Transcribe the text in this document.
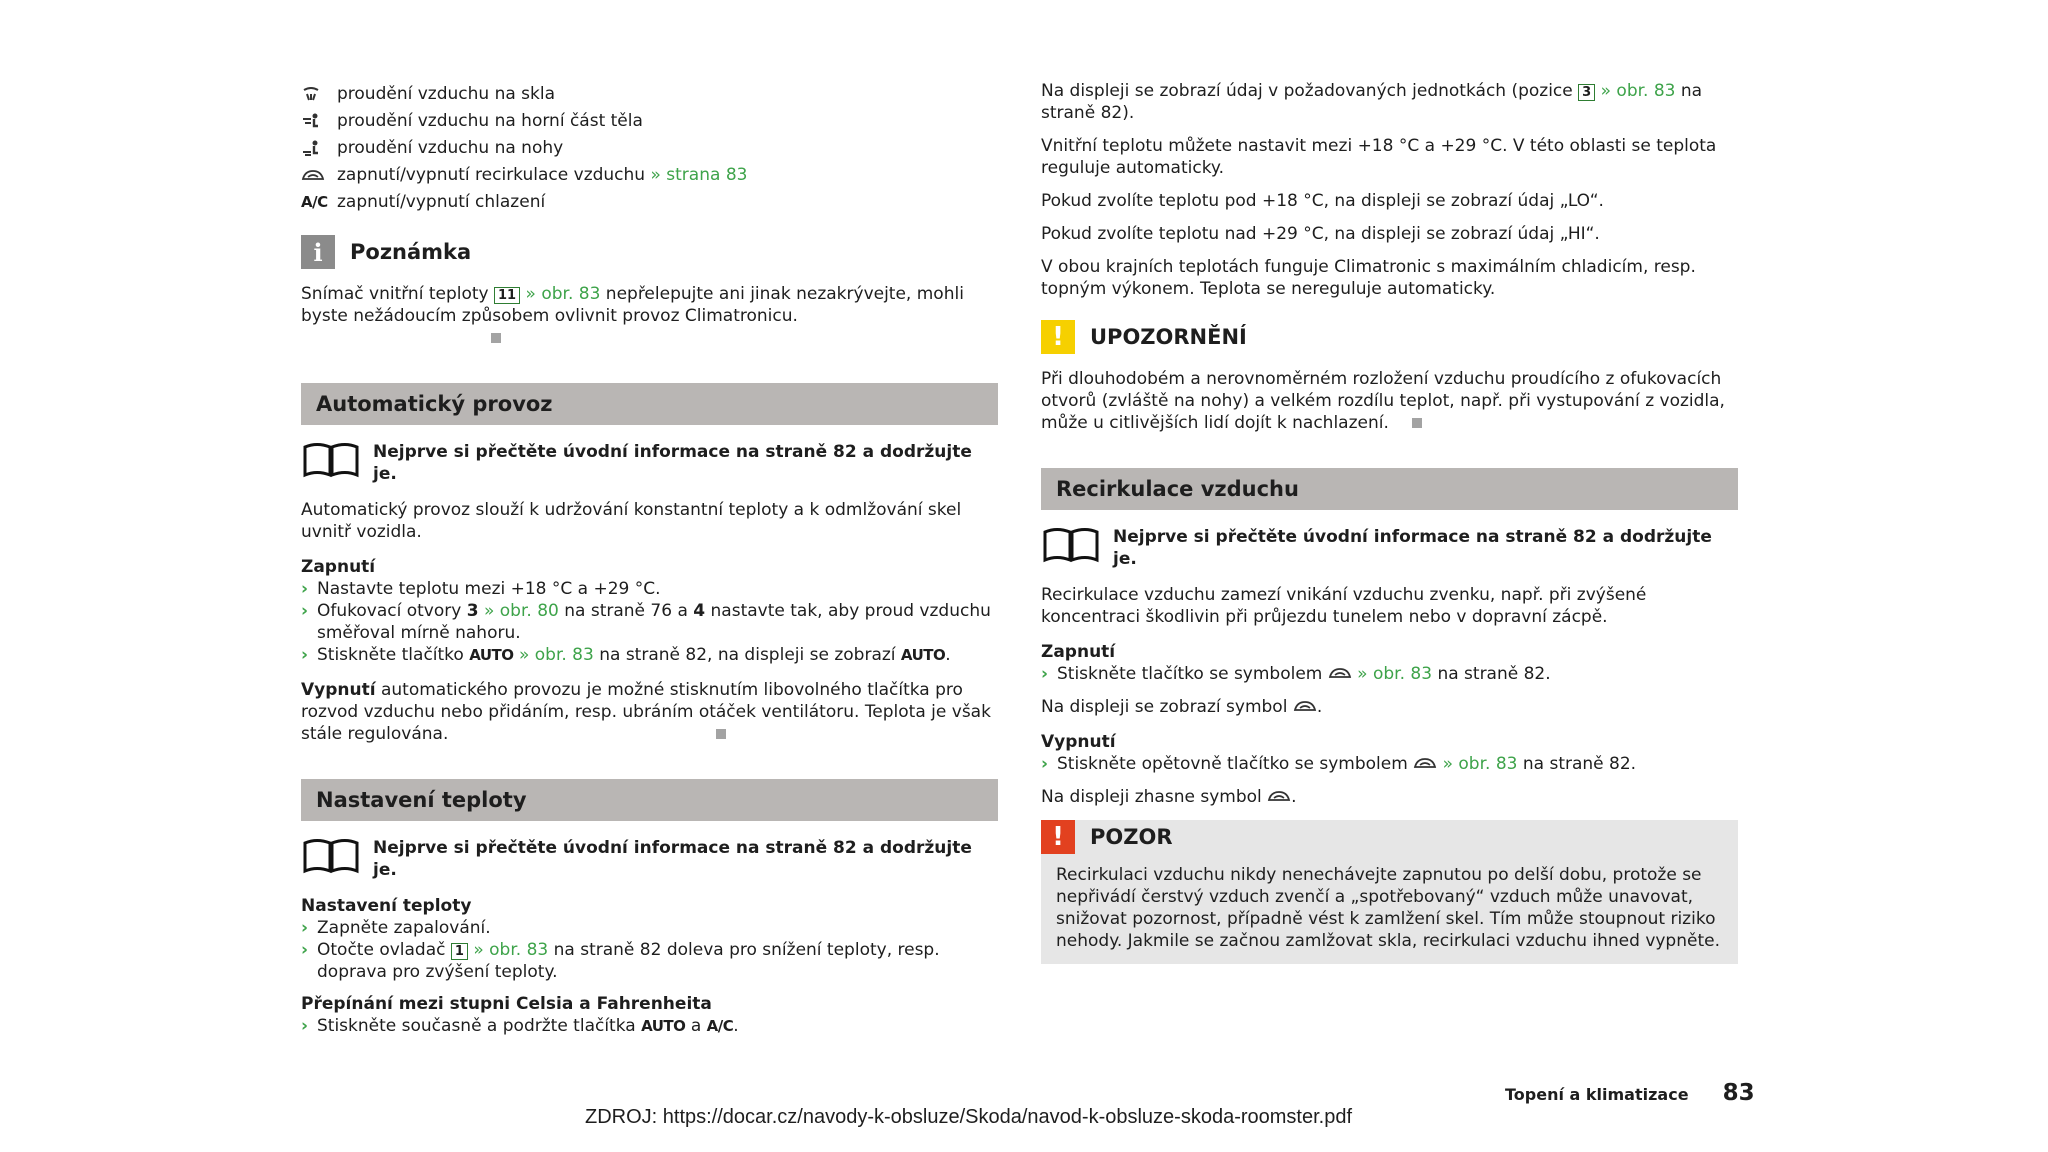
proudění vzduchu na skla
proudění vzduchu na horní část těla
proudění vzduchu na nohy
zapnutí/vypnutí recirkulace vzduchu
» strana 83
A/C zapnutí/vypnutí chlazení
i	Poznámka

Snímač vnitřní teploty 11 » obr. 83 nepřelepujte ani jinak nezakrývejte, mohli byste nežádoucím způsobem ovlivnit provoz Climatronicu.

Automatický provoz
Nejprve si přečtěte úvodní informace na straně 82 a dodržujte je.

Automatický provoz slouží k udržování konstantní teploty a k odmlžování skel uvnitř vozidla.

Zapnutí

› Nastavte teplotu mezi +18 °C a +29 °C.
› Ofukovací otvory 3 » obr. 80 na straně 76 a 4 nastavte tak, aby proud vzduchu směřoval mírně nahoru.
› Stiskněte tlačítko AUTO » obr. 83 na straně 82, na displeji se zobrazí AUTO.

Vypnutí automatického provozu je možné stisknutím libovolného tlačítka pro rozvod vzduchu nebo přidáním, resp. ubráním otáček ventilátoru. Teplota je však stále regulována.

Nastavení teploty
Nejprve si přečtěte úvodní informace na straně 82 a dodržujte je.

Nastavení teploty

› Zapněte zapalování.
› Otočte ovladač 1 » obr. 83 na straně 82 doleva pro snížení teploty, resp. doprava pro zvýšení teploty.

Přepínání mezi stupni Celsia a Fahrenheita

› Stiskněte současně a podržte tlačítka AUTO a A/C.

Na displeji se zobrazí údaj v požadovaných jednotkách (pozice 3 » obr. 83 na straně 82).

Vnitřní teplotu můžete nastavit mezi +18 °C a +29 °C. V této oblasti se teplota reguluje automaticky.

Pokud zvolíte teplotu pod +18 °C, na displeji se zobrazí údaj „LO“.

Pokud zvolíte teplotu nad +29 °C, na displeji se zobrazí údaj „HI“.

V obou krajních teplotách funguje Climatronic s maximálním chladicím, resp. topným výkonem. Teplota se nereguluje automaticky.

!	UPOZORNĚNÍ

Při dlouhodobém a nerovnoměrném rozložení vzduchu proudícího z ofukovacích otvorů (zvláště na nohy) a velkém rozdílu teplot, např. při vystupování z vozidla, může u citlivějších lidí dojít k nachlazení.

Recirkulace vzduchu
Nejprve si přečtěte úvodní informace na straně 82 a dodržujte je.

Recirkulace vzduchu zamezí vnikání vzduchu zvenku, např. při zvýšené koncentraci škodlivin při průjezdu tunelem nebo v dopravní zácpě.

Zapnutí

› Stiskněte tlačítko se symbolem » obr. 83 na straně 82.

Na displeji se zobrazí symbol .

Vypnutí

› Stiskněte opětovně tlačítko se symbolem » obr. 83 na straně 82.

Na displeji zhasne symbol .

!	POZOR

Recirkulaci vzduchu nikdy nenechávejte zapnutou po delší dobu, protože se nepřivádí čerstvý vzduch zvenčí a „spotřebovaný“ vzduch může unavovat, snižovat pozornost, případně vést k zamlžení skel. Tím může stoupnout riziko nehody. Jakmile se začnou zamlžovat skla, recirkulaci vzduchu ihned vypněte.

Topení a klimatizace 83
ZDROJ: https://docar.cz/navody-k-obsluze/Skoda/navod-k-obsluze-skoda-roomster.pdf
